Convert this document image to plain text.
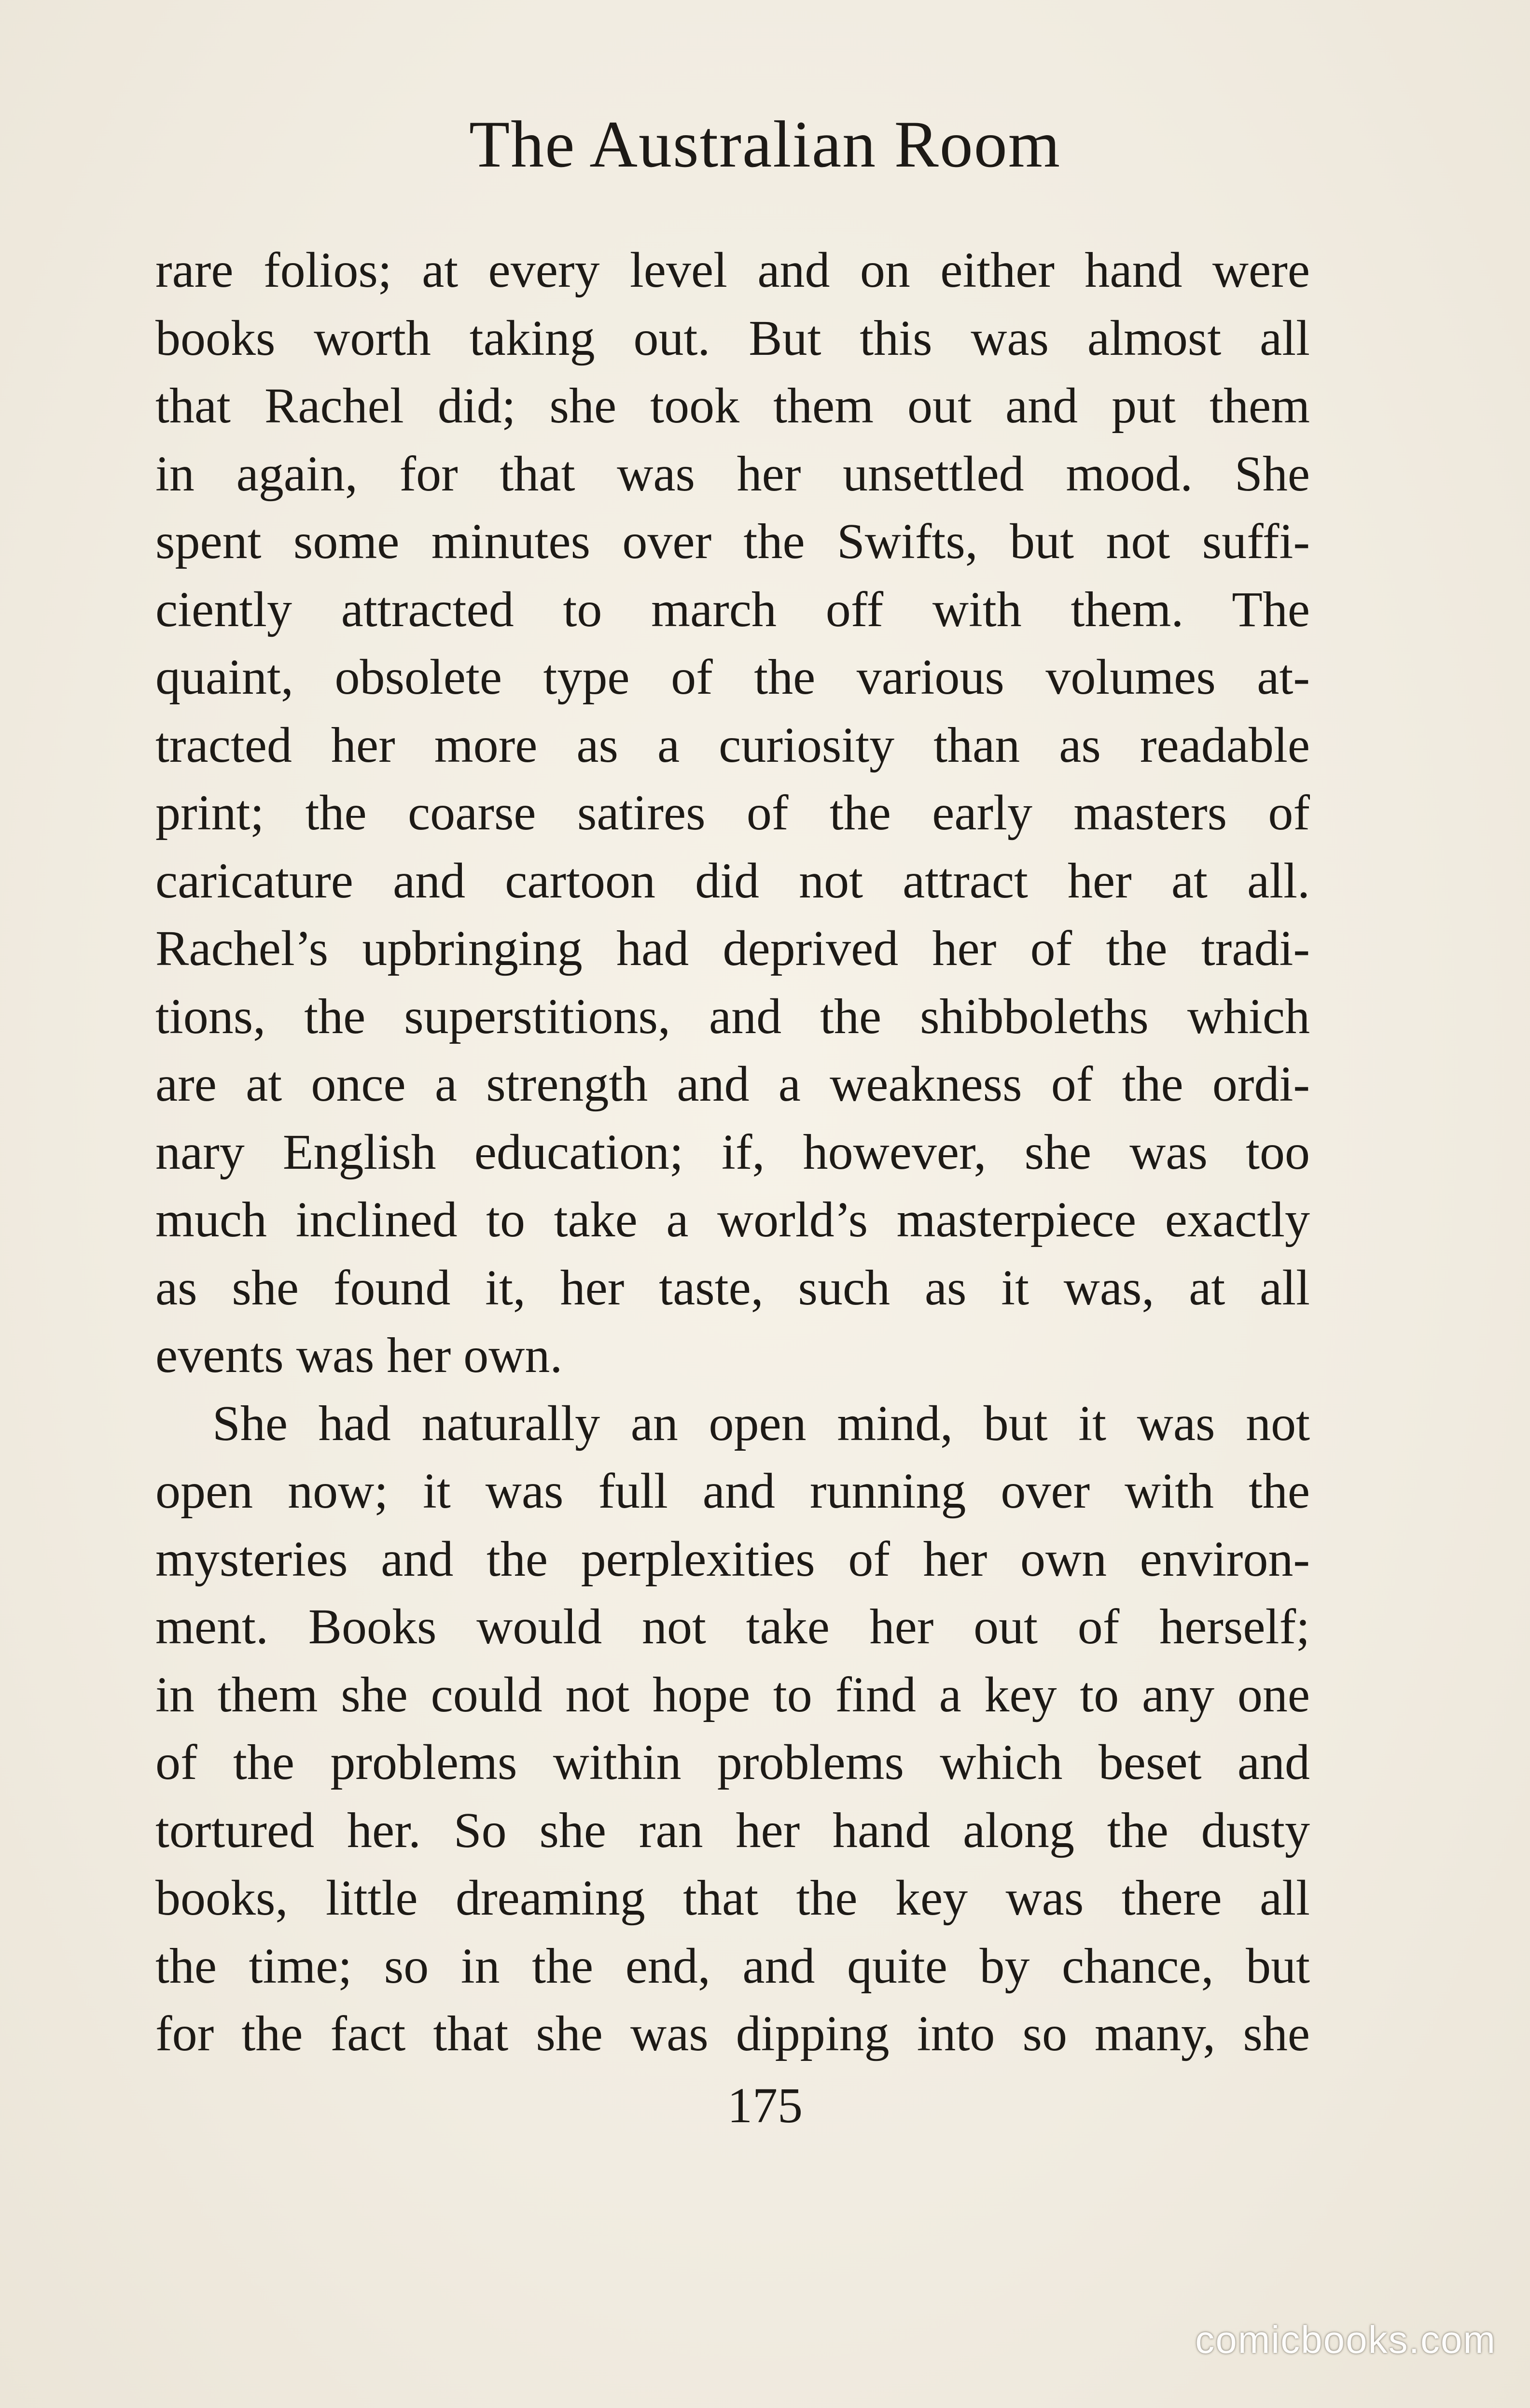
The Australian Room
rare folios; at every level and on either hand were
books worth taking out. But this was almost all
that Rachel did; she took them out and put them
in again, for that was her unsettled mood. She
spent some minutes over the Swifts, but not suffi-
ciently attracted to march off with them. The
quaint, obsolete type of the various volumes at-
tracted her more as a curiosity than as readable
print; the coarse satires of the early masters of
caricature and cartoon did not attract her at all.
Rachel’s upbringing had deprived her of the tradi-
tions, the superstitions, and the shibboleths which
are at once a strength and a weakness of the ordi-
nary English education; if, however, she was too
much inclined to take a world’s masterpiece exactly
as she found it, her taste, such as it was, at all
events was her own.
She had naturally an open mind, but it was not
open now; it was full and running over with the
mysteries and the perplexities of her own environ-
ment. Books would not take her out of herself;
in them she could not hope to find a key to any one
of the problems within problems which beset and
tortured her. So she ran her hand along the dusty
books, little dreaming that the key was there all
the time; so in the end, and quite by chance, but
for the fact that she was dipping into so many, she
175
comicbooks.com
